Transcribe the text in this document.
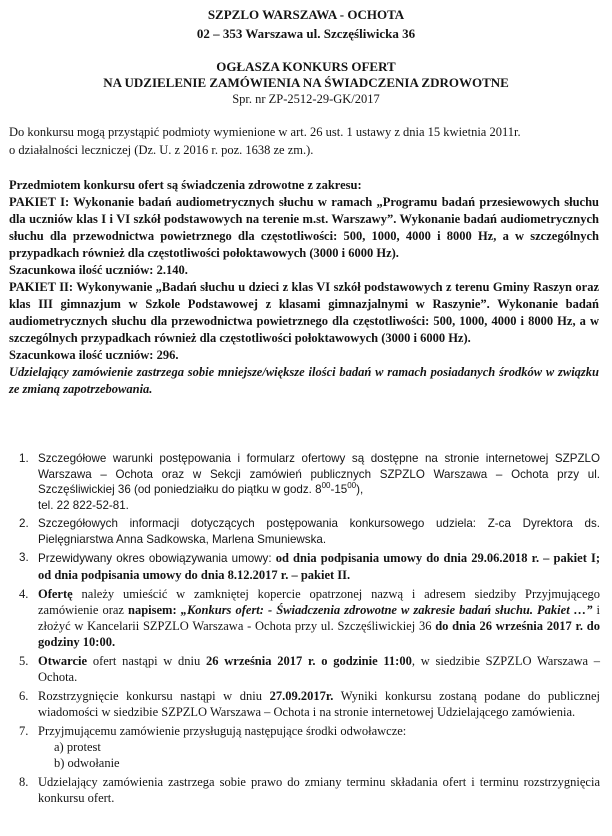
SZPZLO WARSZAWA - OCHOTA
02 – 353 Warszawa ul. Szczęśliwicka 36
OGŁASZA KONKURS OFERT
NA UDZIELENIE ZAMÓWIENIA NA ŚWIADCZENIA ZDROWOTNE
Spr. nr ZP-2512-29-GK/2017
Do konkursu mogą przystąpić podmioty wymienione w art. 26 ust. 1 ustawy z dnia 15 kwietnia 2011r.
o działalności leczniczej (Dz. U. z 2016 r. poz. 1638 ze zm.).
Przedmiotem konkursu ofert są świadczenia zdrowotne z zakresu:
PAKIET I: Wykonanie badań audiometrycznych słuchu w ramach „Programu badań przesiewowych słuchu dla uczniów klas I i VI szkół podstawowych na terenie m.st. Warszawy”. Wykonanie badań audiometrycznych słuchu dla przewodnictwa powietrznego dla częstotliwości: 500, 1000, 4000 i 8000 Hz, a w szczególnych przypadkach również dla częstotliwości połoktawowych (3000 i 6000 Hz).
Szacunkowa ilość uczniów: 2.140.
PAKIET II: Wykonywanie „Badań słuchu u dzieci z klas VI szkół podstawowych z terenu Gminy Raszyn oraz klas III gimnazjum w Szkole Podstawowej z klasami gimnazjalnymi w Raszynie”. Wykonanie badań audiometrycznych słuchu dla przewodnictwa powietrznego dla częstotliwości: 500, 1000, 4000 i 8000 Hz, a w szczególnych przypadkach również dla częstotliwości połoktawowych (3000 i 6000 Hz).
Szacunkowa ilość uczniów: 296.
Udzielający zamówienie zastrzega sobie mniejsze/większe ilości badań w ramach posiadanych środków w związku ze zmianą zapotrzebowania.
1. Szczegółowe warunki postępowania i formularz ofertowy są dostępne na stronie internetowej SZPZLO Warszawa – Ochota oraz w Sekcji zamówień publicznych SZPZLO Warszawa – Ochota przy ul. Szczęśliwickiej 36 (od poniedziałku do piątku w godz. $8^{00}-15^{00}$),
tel. 22 822-52-81.
2. Szczegółowych informacji dotyczących postępowania konkursowego udziela: Z-ca Dyrektora ds. Pielęgniarstwa Anna Sadkowska, Marlena Smuniewska.
3. Przewidywany okres obowiązywania umowy: od dnia podpisania umowy do dnia 29.06.2018 r. – pakiet I; od dnia podpisania umowy do dnia 8.12.2017 r. – pakiet II.
4. Ofertę należy umieścić w zamkniętej kopercie opatrzonej nazwą i adresem siedziby Przyjmującego zamówienie oraz napisem: „Konkurs ofert: - Świadczenia zdrowotne w zakresie badań słuchu. Pakiet …” i złożyć w Kancelarii SZPZLO Warszawa - Ochota przy ul. Szczęśliwickiej 36 do dnia 26 września 2017 r. do godziny 10:00.
5. Otwarcie ofert nastąpi w dniu 26 września 2017 r. o godzinie 11:00, w siedzibie SZPZLO Warszawa – Ochota.
6. Rozstrzygnięcie konkursu nastąpi w dniu 27.09.2017r. Wyniki konkursu zostaną podane do publicznej wiadomości w siedzibie SZPZLO Warszawa – Ochota i na stronie internetowej Udzielającego zamówienia.
7. Przyjmującemu zamówienie przysługują następujące środki odwoławcze:
a) protest
b) odwołanie
8. Udzielający zamówienia zastrzega sobie prawo do zmiany terminu składania ofert i terminu rozstrzygnięcia konkursu ofert.
